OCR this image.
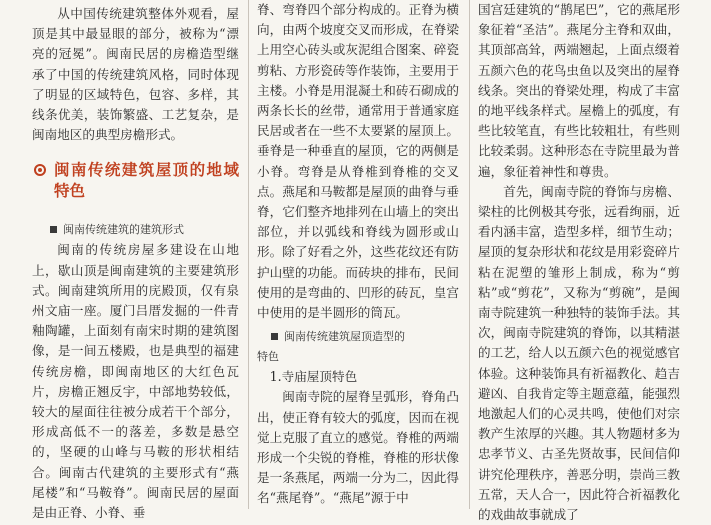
从中国传统建筑整体外观看，屋顶是其中最显眼的部分，被称为“漂亮的冠冕”。闽南民居的房檐造型继承了中国的传统建筑风格，同时体现了明显的区域特色，包容、多样，其线条优美，装饰繁盛、工艺复杂，是闽南地区的典型房檐形式。

闽南传统建筑屋顶的地域特色
闽南传统建筑的建筑形式

闽南的传统房屋多建设在山地上，歇山顶是闽南建筑的主要建筑形式。闽南建筑所用的庑殿顶，仅有泉州文庙一座。厦门吕厝发掘的一件青釉陶罐，上面刻有南宋时期的建筑图像，是一间五楼殿，也是典型的福建传统房檐，即闽南地区的大红色瓦片，房檐正翘反宇，中部地势较低，较大的屋面往往被分成若干个部分，形成高低不一的落差，多数是悬空的，坚硬的山峰与马鞍的形状相结合。闽南古代建筑的主要形式有“燕尾楼”和“马鞍脊”。闽南民居的屋面是由正脊、小脊、垂

脊、弯脊四个部分构成的。正脊为横向，由两个坡度交叉而形成，在脊梁上用空心砖头或灰泥组合图案、碎瓷剪粘、方形瓷砖等作装饰，主要用于主楼。小脊是用混凝土和砖石砌成的两条长长的丝带，通常用于普通家庭民居或者在一些不太要紧的屋顶上。垂脊是一种垂直的屋顶，它的两侧是小脊。弯脊是从脊椎到脊椎的交叉点。燕尾和马鞍都是屋顶的曲脊与垂脊，它们整齐地排列在山墙上的突出部位，并以弧线和脊线为圆形或山形。除了好看之外，这些花纹还有防护山壁的功能。而砖块的排布，民间使用的是弯曲的、凹形的砖瓦，皇宫中使用的是半圆形的筒瓦。

闽南传统建筑屋顶造型的
特色

1.寺庙屋顶特色

闽南寺院的屋脊呈弧形，脊角凸出，使正脊有较大的弧度，因而在视觉上克服了直立的感觉。脊椎的两端形成一个尖锐的脊椎，脊椎的形状像是一条燕尾，两端一分为二，因此得名“燕尾脊”。“燕尾”源于中

国宫廷建筑的“鹊尾巴”，它的燕尾形象征着“圣洁”。燕尾分主脊和双曲，其顶部高耸，两端翘起，上面点缀着五颜六色的花鸟虫鱼以及突出的屋脊线条。突出的脊梁处理，构成了丰富的地平线条样式。屋檐上的弧度，有些比较笔直，有些比较粗壮，有些则比较柔弱。这种形态在寺院里最为普遍，象征着神性和尊贵。

首先，闽南寺院的脊饰与房檐、梁柱的比例极其夸张，远看绚丽，近看内涵丰富，造型多样，细节生动；屋顶的复杂形状和花纹是用彩瓷碎片粘在泥塑的雏形上制成，称为“剪粘”或“剪花”，又称为“剪碗”，是闽南寺院建筑一种独特的装饰手法。其次，闽南寺院建筑的脊饰，以其精湛的工艺，给人以五颜六色的视觉感官体验。这种装饰具有祈福教化、趋吉避凶、自我肯定等主题意蕴，能强烈地激起人们的心灵共鸣，使他们对宗教产生浓厚的兴趣。其人物题材多为忠孝节义、古圣先贤故事，民间信仰讲究伦理秩序，善恶分明，崇尚三教五常，天人合一，因此符合祈福教化的戏曲故事就成了
